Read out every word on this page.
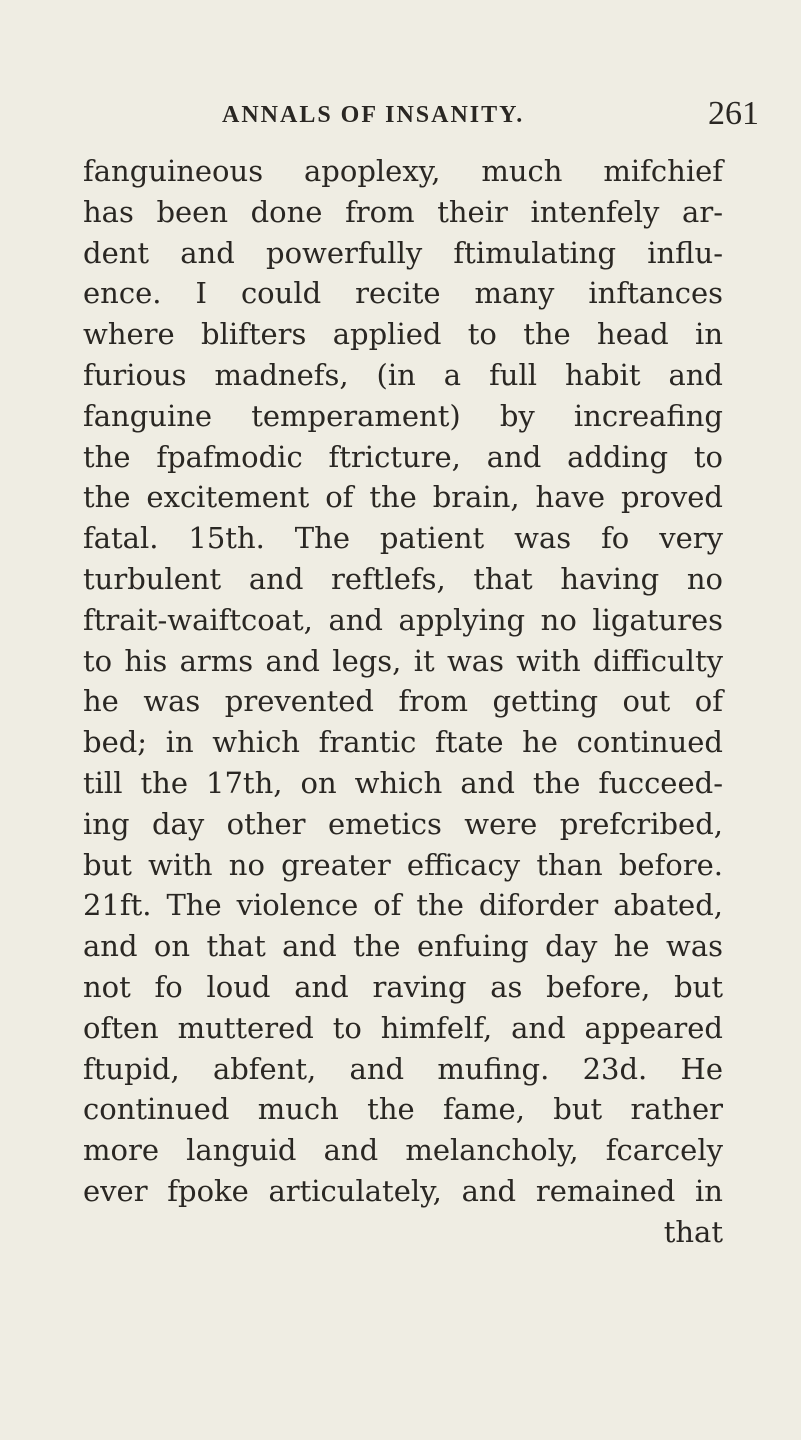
ANNALS OF INSANITY.	261
fanguineous apoplexy, much mifchief
has been done from their intenfely ar-
dent and powerfully ftimulating influ-
ence. I could recite many inftances
where blifters applied to the head in
furious madnefs, (in a full habit and
fanguine temperament) by increafing
the fpafmodic ftricture, and adding to
the excitement of the brain, have proved
fatal. 15th. The patient was fo very
turbulent and reftlefs, that having no
ftrait-waiftcoat, and applying no ligatures
to his arms and legs, it was with difficulty
he was prevented from getting out of
bed; in which frantic ftate he continued
till the 17th, on which and the fucceed-
ing day other emetics were prefcribed,
but with no greater efficacy than before.
21ft. The violence of the diforder abated,
and on that and the enfuing day he was
not fo loud and raving as before, but
often muttered to himfelf, and appeared
ftupid, abfent, and mufing. 23d. He
continued much the fame, but rather
more languid and melancholy, fcarcely
ever fpoke articulately, and remained in
that
